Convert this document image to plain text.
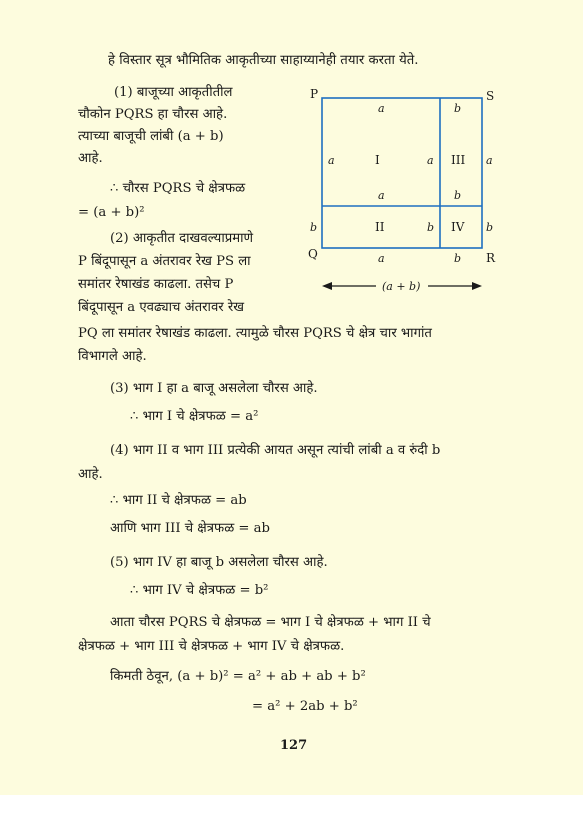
हे विस्तार सूत्र भौमितिक आकृतीच्या साहाय्यानेही तयार करता येते.
(1) बाजूच्या आकृतीतील
चौकोन PQRS हा चौरस आहे.
त्याच्या बाजूची लांबी (a + b)
आहे.
∴ चौरस PQRS चे क्षेत्रफळ
= (a + b)²
(2) आकृतीत दाखवल्याप्रमाणे
P बिंदूपासून a अंतरावर रेख PS ला
समांतर रेषाखंड काढला. तसेच P
बिंदूपासून a एवढ्याच अंतरावर रेख
PQ ला समांतर रेषाखंड काढला. त्यामुळे चौरस PQRS चे क्षेत्र चार भागांत
विभागले आहे.
(3) भाग I हा a बाजू असलेला चौरस आहे.
∴ भाग I चे क्षेत्रफळ = a²
(4) भाग II व भाग III प्रत्येकी आयत असून त्यांची लांबी a व रुंदी b
आहे.
∴ भाग II चे क्षेत्रफळ = ab
आणि भाग III चे क्षेत्रफळ = ab
(5) भाग IV हा बाजू b असलेला चौरस आहे.
∴ भाग IV चे क्षेत्रफळ = b²
आता चौरस PQRS चे क्षेत्रफळ = भाग I चे क्षेत्रफळ + भाग II चे
क्षेत्रफळ + भाग III चे क्षेत्रफळ + भाग IV चे क्षेत्रफळ.
किमती ठेवून, (a + b)² = a² + ab + ab + b²
= a² + 2ab + b²
P	S
Q	R
I
II
III
IV
a	b
a	a	a
a	b
b	b	b
a	b
(a + b)
127
